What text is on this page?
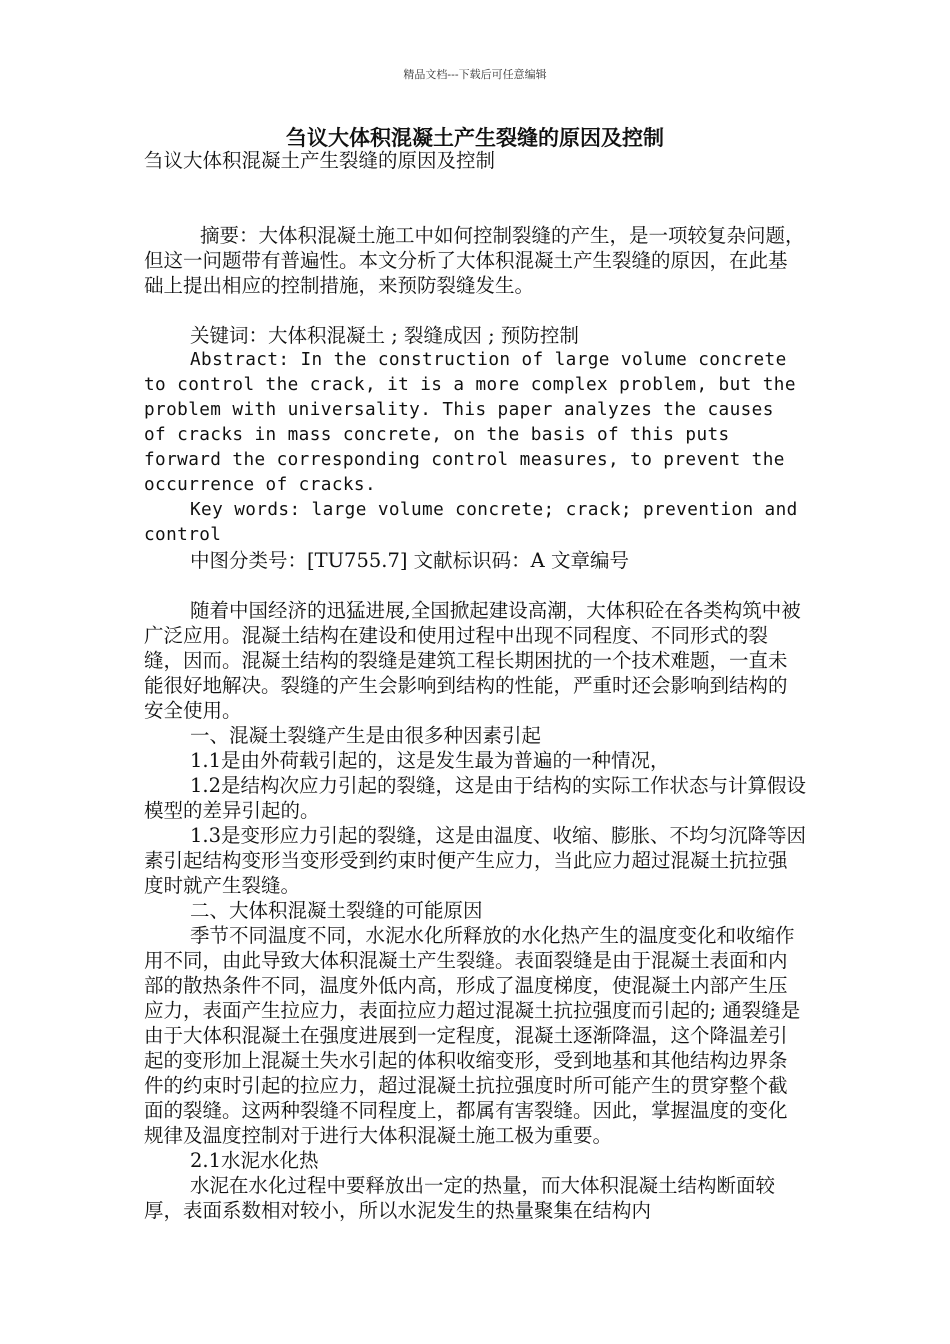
精品文档---下载后可任意编辑
刍议大体积混凝土产生裂缝的原因及控制

刍议大体积混凝土产生裂缝的原因及控制

摘要：大体积混凝土施工中如何控制裂缝的产生，是一项较复杂问题，但这一问题带有普遍性。本文分析了大体积混凝土产生裂缝的原因，在此基础上提出相应的控制措施，来预防裂缝发生。

关键词：大体积混凝土 ; 裂缝成因 ; 预防控制

Abstract: In the construction of large volume concrete to control the crack, it is a more complex problem, but the problem with universality. This paper analyzes the causes of cracks in mass concrete, on the basis of this puts forward the corresponding control measures, to prevent the occurrence of cracks.

Key words: large volume concrete; crack; prevention and control

中图分类号：[TU755.7] 文献标识码：A 文章编号

随着中国经济的迅猛进展,全国掀起建设高潮，大体积砼在各类构筑中被广泛应用。混凝土结构在建设和使用过程中出现不同程度、不同形式的裂缝，因而。混凝土结构的裂缝是建筑工程长期困扰的一个技术难题，一直未能很好地解决。裂缝的产生会影响到结构的性能，严重时还会影响到结构的安全使用。

一、混凝土裂缝产生是由很多种因素引起

1.1是由外荷载引起的，这是发生最为普遍的一种情况，

1.2是结构次应力引起的裂缝，这是由于结构的实际工作状态与计算假设模型的差异引起的。

1.3是变形应力引起的裂缝，这是由温度、收缩、膨胀、不均匀沉降等因素引起结构变形当变形受到约束时便产生应力，当此应力超过混凝土抗拉强度时就产生裂缝。

二、大体积混凝土裂缝的可能原因

季节不同温度不同，水泥水化所释放的水化热产生的温度变化和收缩作用不同，由此导致大体积混凝土产生裂缝。表面裂缝是由于混凝土表面和内部的散热条件不同，温度外低内高，形成了温度梯度，使混凝土内部产生压应力，表面产生拉应力，表面拉应力超过混凝土抗拉强度而引起的; 通裂缝是由于大体积混凝土在强度进展到一定程度，混凝土逐渐降温，这个降温差引起的变形加上混凝土失水引起的体积收缩变形，受到地基和其他结构边界条件的约束时引起的拉应力，超过混凝土抗拉强度时所可能产生的贯穿整个截面的裂缝。这两种裂缝不同程度上，都属有害裂缝。因此，掌握温度的变化规律及温度控制对于进行大体积混凝土施工极为重要。

2.1水泥水化热

水泥在水化过程中要释放出一定的热量，而大体积混凝土结构断面较厚，表面系数相对较小，所以水泥发生的热量聚集在结构内
